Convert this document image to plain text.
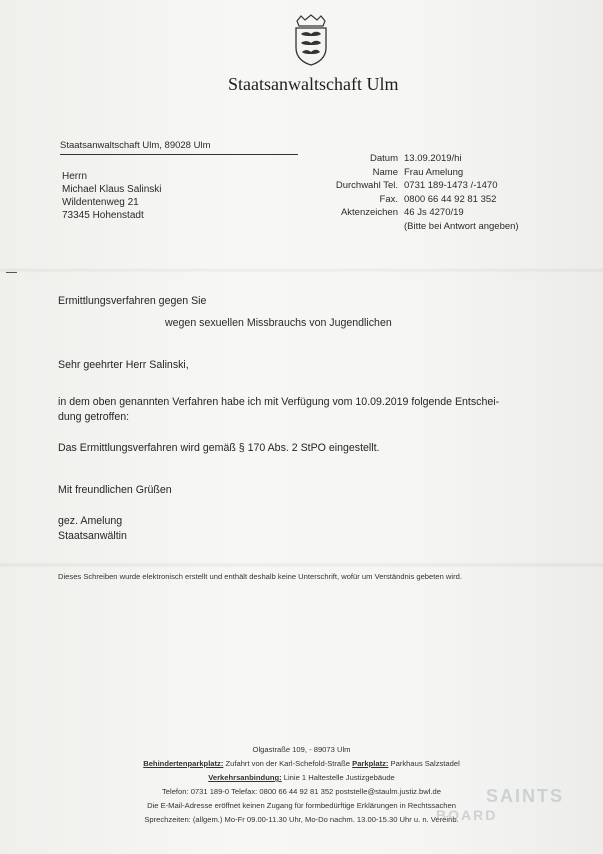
Staatsanwaltschaft Ulm
Staatsanwaltschaft Ulm, 89028 Ulm
Herrn
Michael Klaus Salinski
Wildentenweg 21
73345 Hohenstadt
Datum 13.09.2019/hi
Name Frau Amelung
Durchwahl Tel. 0731 189-1473 /-1470
Fax. 0800 66 44 92 81 352
Aktenzeichen 46 Js 4270/19
(Bitte bei Antwort angeben)
Ermittlungsverfahren gegen Sie
wegen sexuellen Missbrauchs von Jugendlichen
Sehr geehrter Herr Salinski,
in dem oben genannten Verfahren habe ich mit Verfügung vom 10.09.2019 folgende Entschei-
dung getroffen:
Das Ermittlungsverfahren wird gemäß § 170 Abs. 2 StPO eingestellt.
Mit freundlichen Grüßen
gez. Amelung
Staatsanwältin
Dieses Schreiben wurde elektronisch erstellt und enthält deshalb keine Unterschrift, wofür um Verständnis gebeten wird.
Olgastraße 109, - 89073 Ulm
Behindertenparkplatz: Zufahrt von der Karl-Schefold-Straße Parkplatz: Parkhaus Salzstadel
Verkehrsanbindung: Linie 1 Haltestelle Justizgebäude
Telefon: 0731 189-0 Telefax: 0800 66 44 92 81 352 poststelle@staulm.justiz.bwl.de
Die E-Mail-Adresse eröffnet keinen Zugang für formbedürftige Erklärungen in Rechtssachen
Sprechzeiten: (allgem.) Mo-Fr 09.00-11.30 Uhr, Mo-Do nachm. 13.00-15.30 Uhr u. n. Vereinb.
SAINTS
BOARD
